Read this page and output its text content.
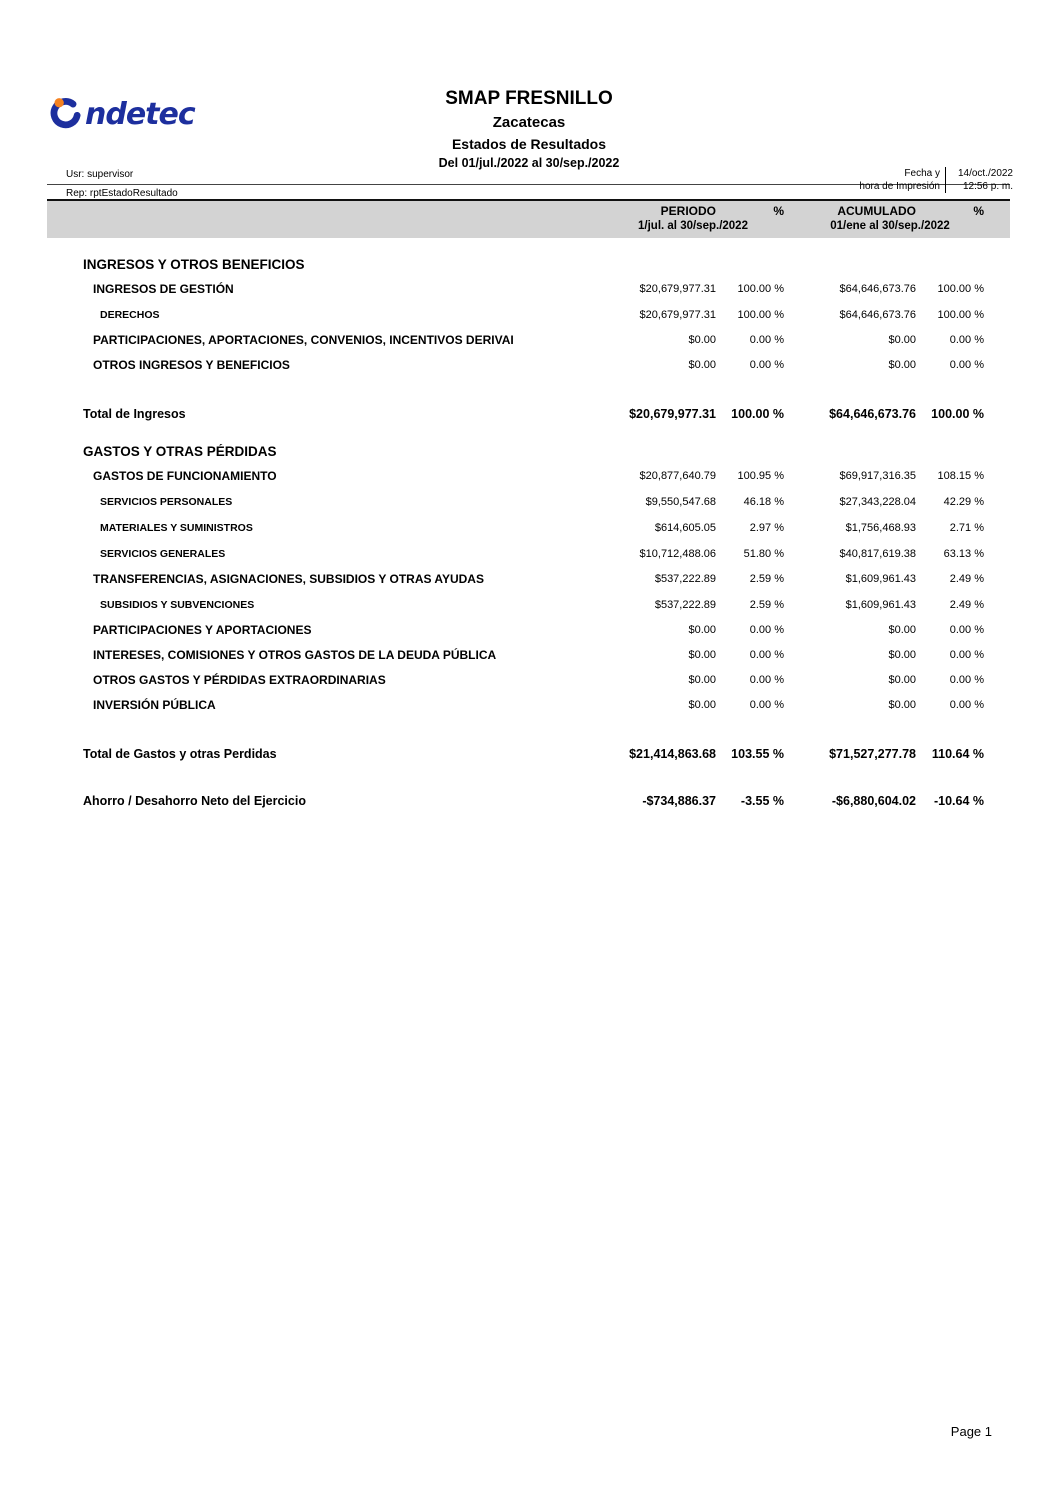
ndetec	SMAP FRESNILLO
Zacatecas
Estados de Resultados
Del 01/jul./2022 al 30/sep./2022
Usr: supervisor
Rep: rptEstadoResultado
Fecha y	14/oct./2022
hora de Impresión	12:56 p. m.
PERIODO	%	ACUMULADO	%
1/jul. al 30/sep./2022	01/ene al 30/sep./2022
INGRESOS Y OTROS BENEFICIOS
INGRESOS DE GESTIÓN	$20,679,977.31	100.00 %	$64,646,673.76	100.00 %
DERECHOS	$20,679,977.31	100.00 %	$64,646,673.76	100.00 %
PARTICIPACIONES, APORTACIONES, CONVENIOS, INCENTIVOS DERIVAI	$0.00	0.00 %	$0.00	0.00 %
OTROS INGRESOS Y BENEFICIOS	$0.00	0.00 %	$0.00	0.00 %
Total de Ingresos	$20,679,977.31	100.00 %	$64,646,673.76	100.00 %
GASTOS Y OTRAS PÉRDIDAS
GASTOS DE FUNCIONAMIENTO	$20,877,640.79	100.95 %	$69,917,316.35	108.15 %
SERVICIOS PERSONALES	$9,550,547.68	46.18 %	$27,343,228.04	42.29 %
MATERIALES Y SUMINISTROS	$614,605.05	2.97 %	$1,756,468.93	2.71 %
SERVICIOS GENERALES	$10,712,488.06	51.80 %	$40,817,619.38	63.13 %
TRANSFERENCIAS, ASIGNACIONES, SUBSIDIOS Y OTRAS AYUDAS	$537,222.89	2.59 %	$1,609,961.43	2.49 %
SUBSIDIOS Y SUBVENCIONES	$537,222.89	2.59 %	$1,609,961.43	2.49 %
PARTICIPACIONES Y APORTACIONES	$0.00	0.00 %	$0.00	0.00 %
INTERESES, COMISIONES Y OTROS GASTOS DE LA DEUDA PÚBLICA	$0.00	0.00 %	$0.00	0.00 %
OTROS GASTOS Y PÉRDIDAS EXTRAORDINARIAS	$0.00	0.00 %	$0.00	0.00 %
INVERSIÓN PÚBLICA	$0.00	0.00 %	$0.00	0.00 %
Total de Gastos y otras Perdidas	$21,414,863.68	103.55 %	$71,527,277.78	110.64 %
Ahorro / Desahorro Neto del Ejercicio	-$734,886.37	-3.55 %	-$6,880,604.02	-10.64 %
Page 1
